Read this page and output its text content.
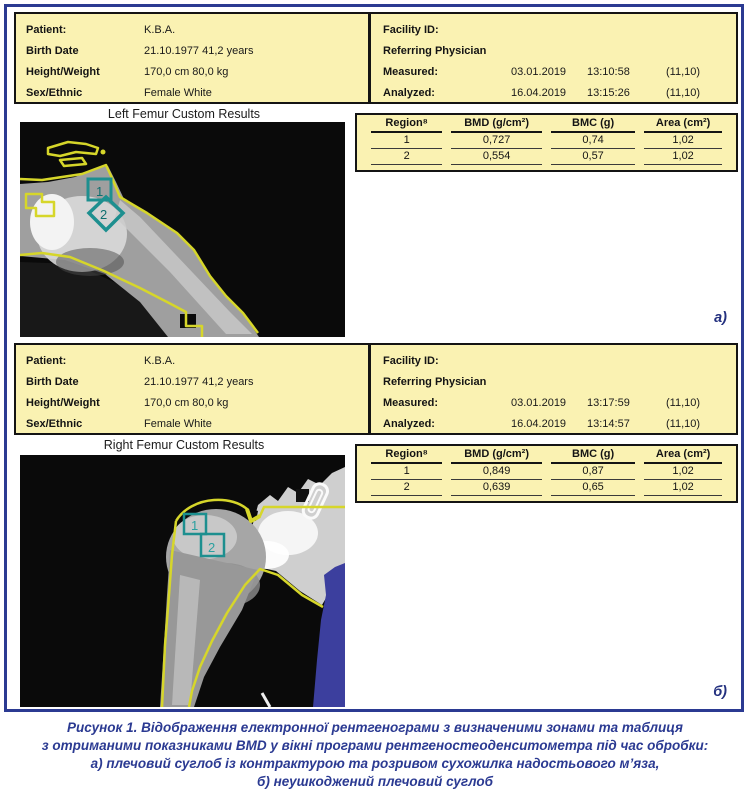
Patient:	K.B.A.
Birth Date	21.10.1977 41,2 years
Height/Weight	170,0 cm 80,0 kg
Sex/Ethnic	Female White
Facility ID:
Referring Physician
Measured:	03.01.2019	13:10:58	(11,10)
Analyzed:	16.04.2019	13:15:26	(11,10)
Left Femur Custom Results
1
2
Region⁸	BMD (g/cm²)	BMC (g)	Area (cm²)
1	0,727	0,74	1,02
2	0,554	0,57	1,02
а)
Patient:	K.B.A.
Birth Date	21.10.1977 41,2 years
Height/Weight	170,0 cm 80,0 kg
Sex/Ethnic	Female White
Facility ID:
Referring Physician
Measured:	03.01.2019	13:17:59	(11,10)
Analyzed:	16.04.2019	13:14:57	(11,10)
Right Femur Custom Results
1
2
Region⁸	BMD (g/cm²)	BMC (g)	Area (cm²)
1	0,849	0,87	1,02
2	0,639	0,65	1,02
б)
Рисунок 1. Відображення електронної рентгенограми з визначеними зонами та таблиця
з отриманими показниками BMD у вікні програми рентгеностеоденситометра під час обробки:
а) плечовий суглоб із контрактурою та розривом сухожилка надостьового м’яза,
б) неушкоджений плечовий суглоб
